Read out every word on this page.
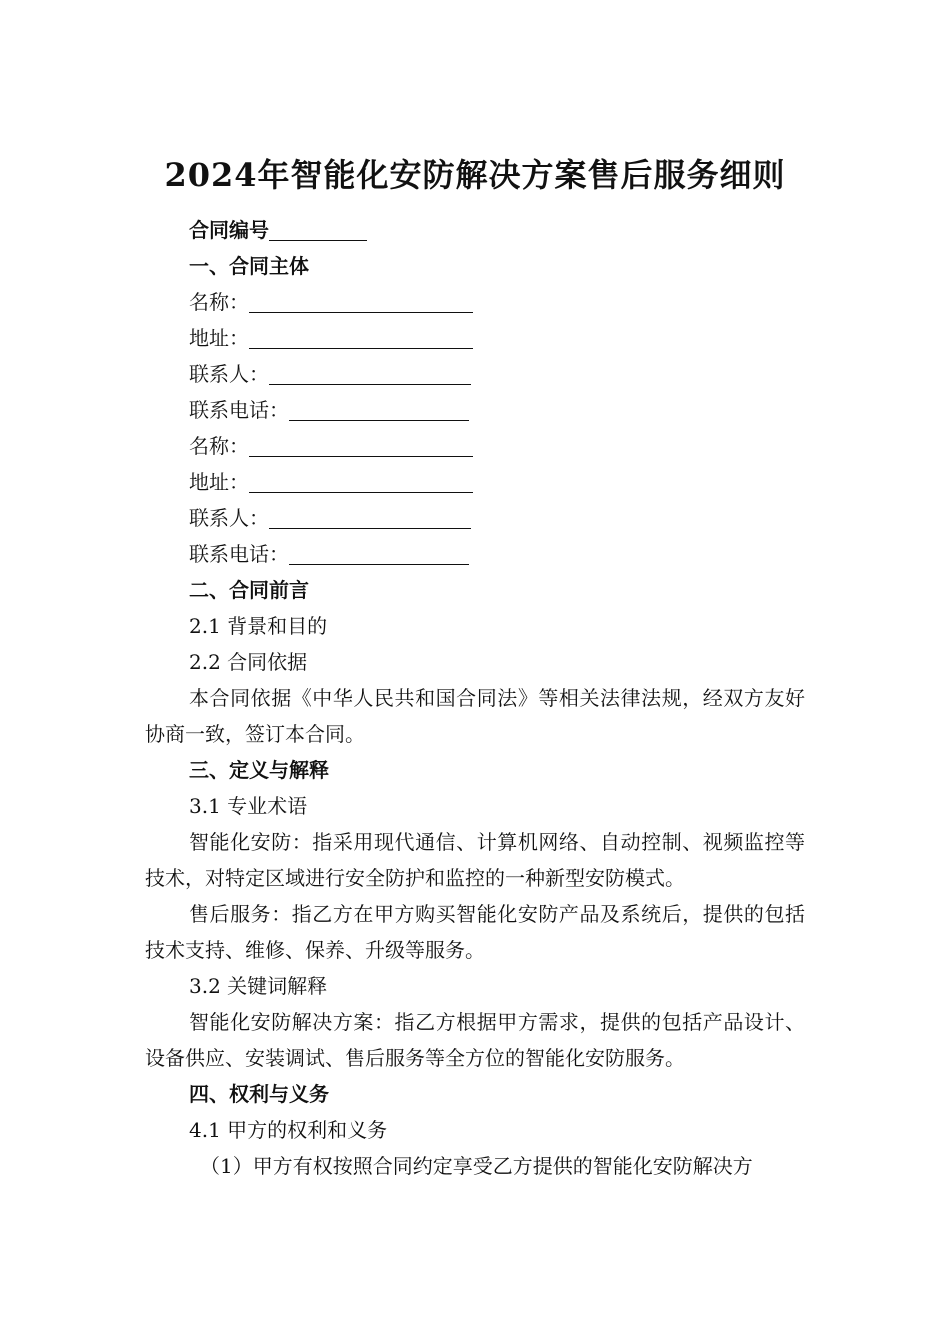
2024年智能化安防解决方案售后服务细则
合同编号
一、合同主体
名称：
地址：
联系人：
联系电话：
名称：
地址：
联系人：
联系电话：
二、合同前言
2.1 背景和目的
2.2 合同依据
本合同依据《中华人民共和国合同法》等相关法律法规，经双方友好协商一致，签订本合同。
三、定义与解释
3.1 专业术语
智能化安防：指采用现代通信、计算机网络、自动控制、视频监控等技术，对特定区域进行安全防护和监控的一种新型安防模式。
售后服务：指乙方在甲方购买智能化安防产品及系统后，提供的包括技术支持、维修、保养、升级等服务。
3.2 关键词解释
智能化安防解决方案：指乙方根据甲方需求，提供的包括产品设计、设备供应、安装调试、售后服务等全方位的智能化安防服务。
四、权利与义务
4.1 甲方的权利和义务
（1）甲方有权按照合同约定享受乙方提供的智能化安防解决方
